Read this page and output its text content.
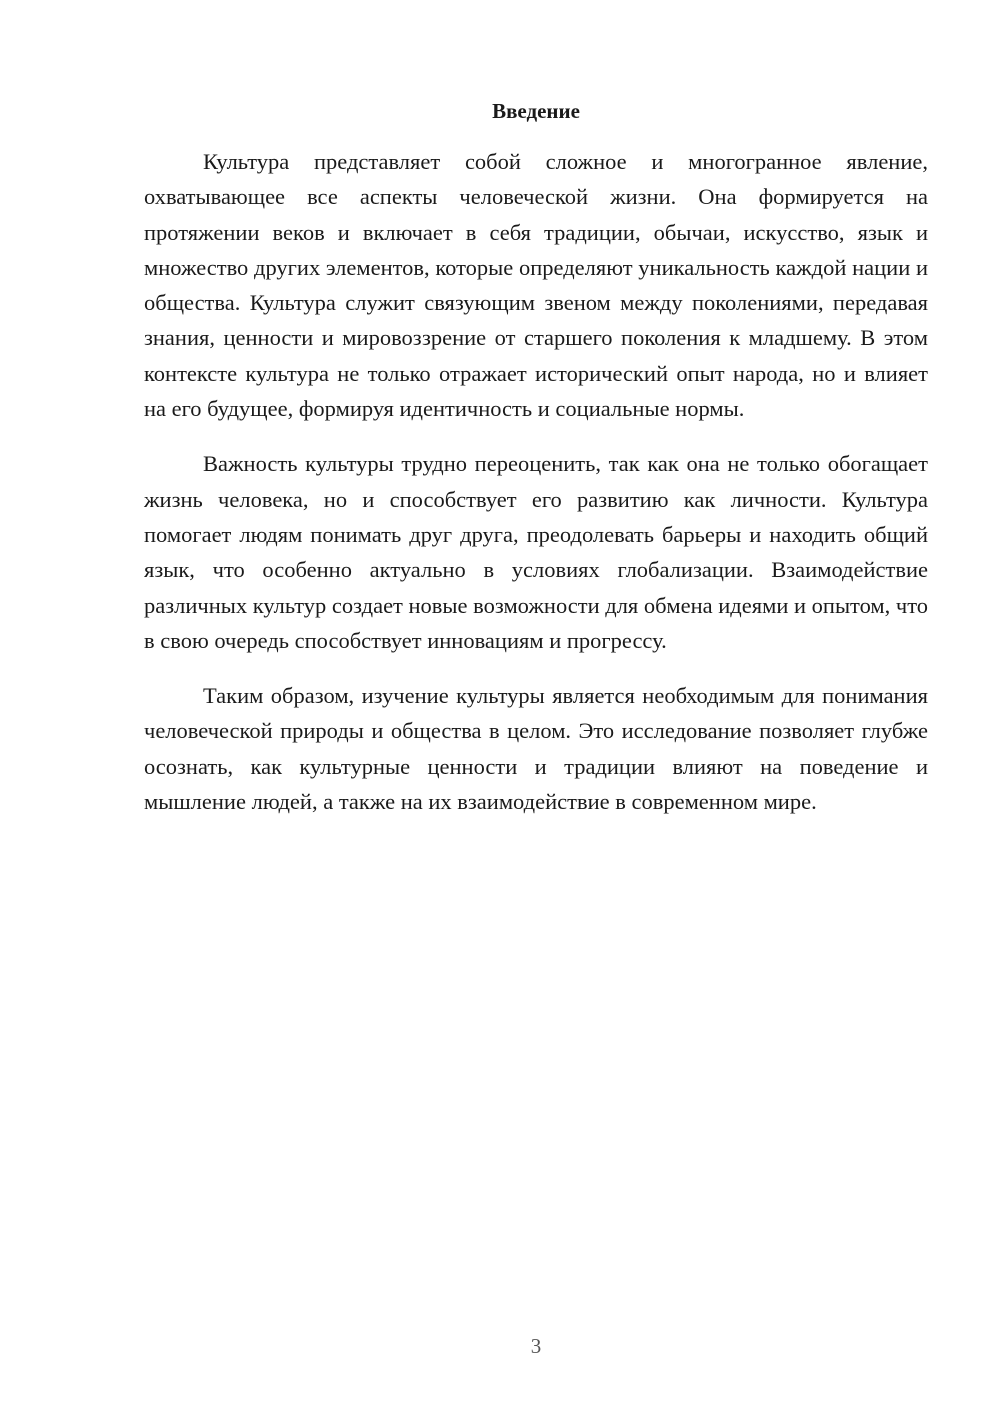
Введение

Культура представляет собой сложное и многогранное явление, охватывающее все аспекты человеческой жизни. Она формируется на протяжении веков и включает в себя традиции, обычаи, искусство, язык и множество других элементов, которые определяют уникальность каждой нации и общества. Культура служит связующим звеном между поколениями, передавая знания, ценности и мировоззрение от старшего поколения к младшему. В этом контексте культура не только отражает исторический опыт народа, но и влияет на его будущее, формируя идентичность и социальные нормы.

Важность культуры трудно переоценить, так как она не только обогащает жизнь человека, но и способствует его развитию как личности. Культура помогает людям понимать друг друга, преодолевать барьеры и находить общий язык, что особенно актуально в условиях глобализации. Взаимодействие различных культур создает новые возможности для обмена идеями и опытом, что в свою очередь способствует инновациям и прогрессу.

Таким образом, изучение культуры является необходимым для понимания человеческой природы и общества в целом. Это исследование позволяет глубже осознать, как культурные ценности и традиции влияют на поведение и мышление людей, а также на их взаимодействие в современном мире.

3
